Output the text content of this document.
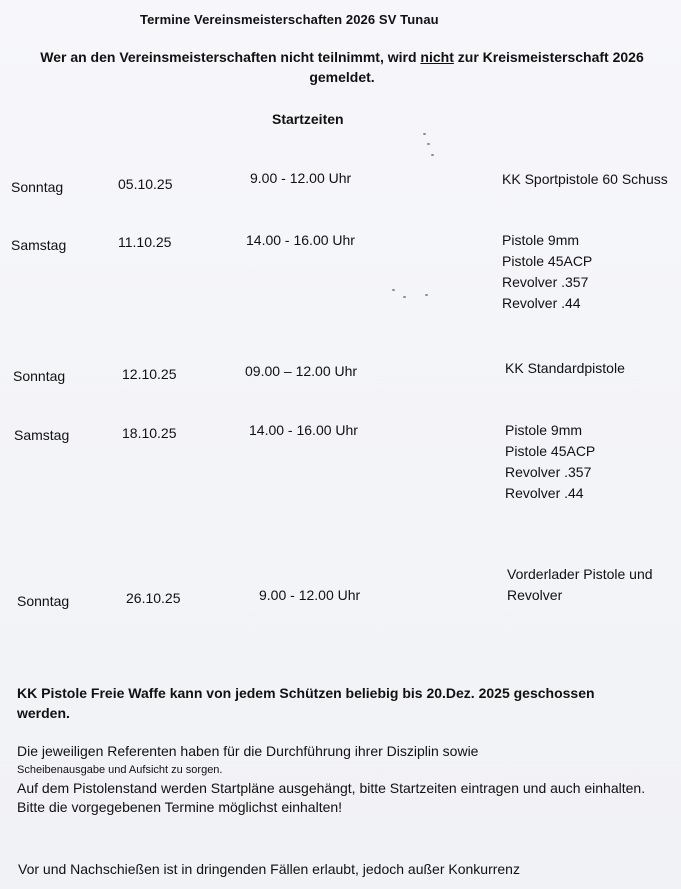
Termine Vereinsmeisterschaften 2026 SV Tunau
Wer an den Vereinsmeisterschaften nicht teilnimmt, wird nicht zur Kreismeisterschaft 2026 gemeldet.
Startzeiten
Sonntag	05.10.25	9.00 - 12.00 Uhr	KK Sportpistole 60 Schuss
Samstag	11.10.25	14.00 - 16.00 Uhr	Pistole 9mm
Pistole 45ACP
Revolver .357
Revolver .44
Sonntag	12.10.25	09.00 – 12.00 Uhr	KK Standardpistole
Samstag	18.10.25	14.00 - 16.00 Uhr	Pistole 9mm
Pistole 45ACP
Revolver .357
Revolver .44
Sonntag	26.10.25	9.00 - 12.00 Uhr
Vorderlader Pistole und
Revolver
KK Pistole Freie Waffe kann von jedem Schützen beliebig bis 20.Dez. 2025 geschossen werden.
Die jeweiligen Referenten haben für die Durchführung ihrer Disziplin sowie
Scheibenausgabe und Aufsicht zu sorgen.
Auf dem Pistolenstand werden Startpläne ausgehängt, bitte Startzeiten eintragen und auch einhalten.
Bitte die vorgegebenen Termine möglichst einhalten!
Vor und Nachschießen ist in dringenden Fällen erlaubt, jedoch außer Konkurrenz
